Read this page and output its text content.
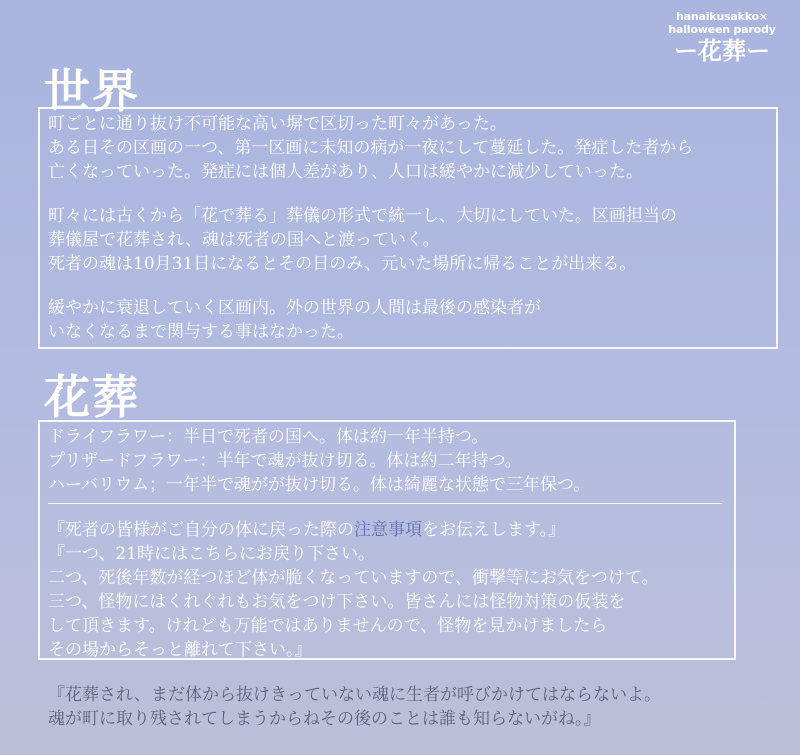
hanaikusakko×
halloween parody
ー花葬ー
世界
町ごとに通り抜け不可能な高い塀で区切った町々があった。
ある日その区画の一つ、第一区画に未知の病が一夜にして蔓延した。発症した者から
亡くなっていった。発症には個人差があり、人口は緩やかに減少していった。
町々には古くから「花で葬る」葬儀の形式で統一し、大切にしていた。区画担当の
葬儀屋で花葬され、魂は死者の国へと渡っていく。
死者の魂は10月31日になるとその日のみ、元いた場所に帰ることが出来る。
緩やかに衰退していく区画内。外の世界の人間は最後の感染者が
いなくなるまで関与する事はなかった。
花葬
ドライフラワー：半日で死者の国へ。体は約一年半持つ。
プリザードフラワー：半年で魂が抜け切る。体は約二年持つ。
ハーバリウム；一年半で魂がが抜け切る。体は綺麗な状態で三年保つ。
『死者の皆様がご自分の体に戻った際の注意事項をお伝えします。』
『一つ、21時にはこちらにお戻り下さい。
二つ、死後年数が経つほど体が脆くなっていますので、衝撃等にお気をつけて。
三つ、怪物にはくれぐれもお気をつけ下さい。皆さんには怪物対策の仮装を
して頂きます。けれども万能ではありませんので、怪物を見かけましたら
その場からそっと離れて下さい。』
『花葬され、まだ体から抜けきっていない魂に生者が呼びかけてはならないよ。
魂が町に取り残されてしまうからねその後のことは誰も知らないがね。』
